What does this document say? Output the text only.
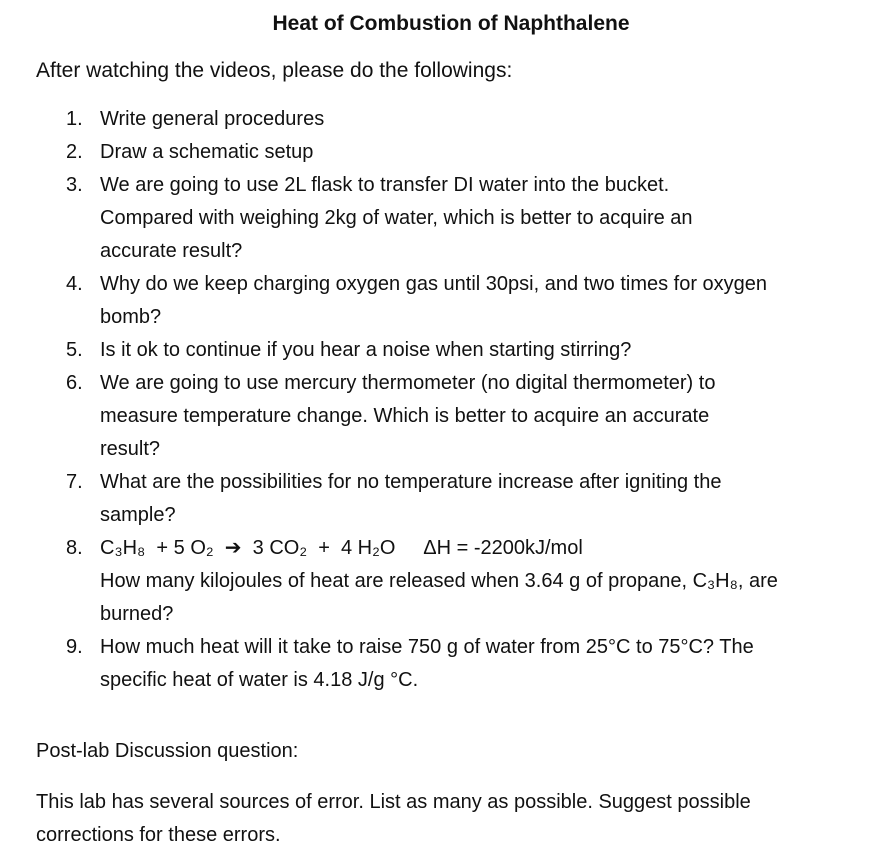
Heat of Combustion of Naphthalene
After watching the videos, please do the followings:
1. Write general procedures
2. Draw a schematic setup
3. We are going to use 2L flask to transfer DI water into the bucket.
Compared with weighing 2kg of water, which is better to acquire an
accurate result?
4. Why do we keep charging oxygen gas until 30psi, and two times for oxygen
bomb?
5. Is it ok to continue if you hear a noise when starting stirring?
6. We are going to use mercury thermometer (no digital thermometer) to
measure temperature change. Which is better to acquire an accurate
result?
7. What are the possibilities for no temperature increase after igniting the
sample?
8. C₃H₈  + 5 O₂  ➔  3 CO₂  +  4 H₂O     ΔH = -2200kJ/mol
How many kilojoules of heat are released when 3.64 g of propane, C₃H₈, are
burned?
9. How much heat will it take to raise 750 g of water from 25°C to 75°C? The
specific heat of water is 4.18 J/g °C.
Post-lab Discussion question:
This lab has several sources of error. List as many as possible. Suggest possible
corrections for these errors.
